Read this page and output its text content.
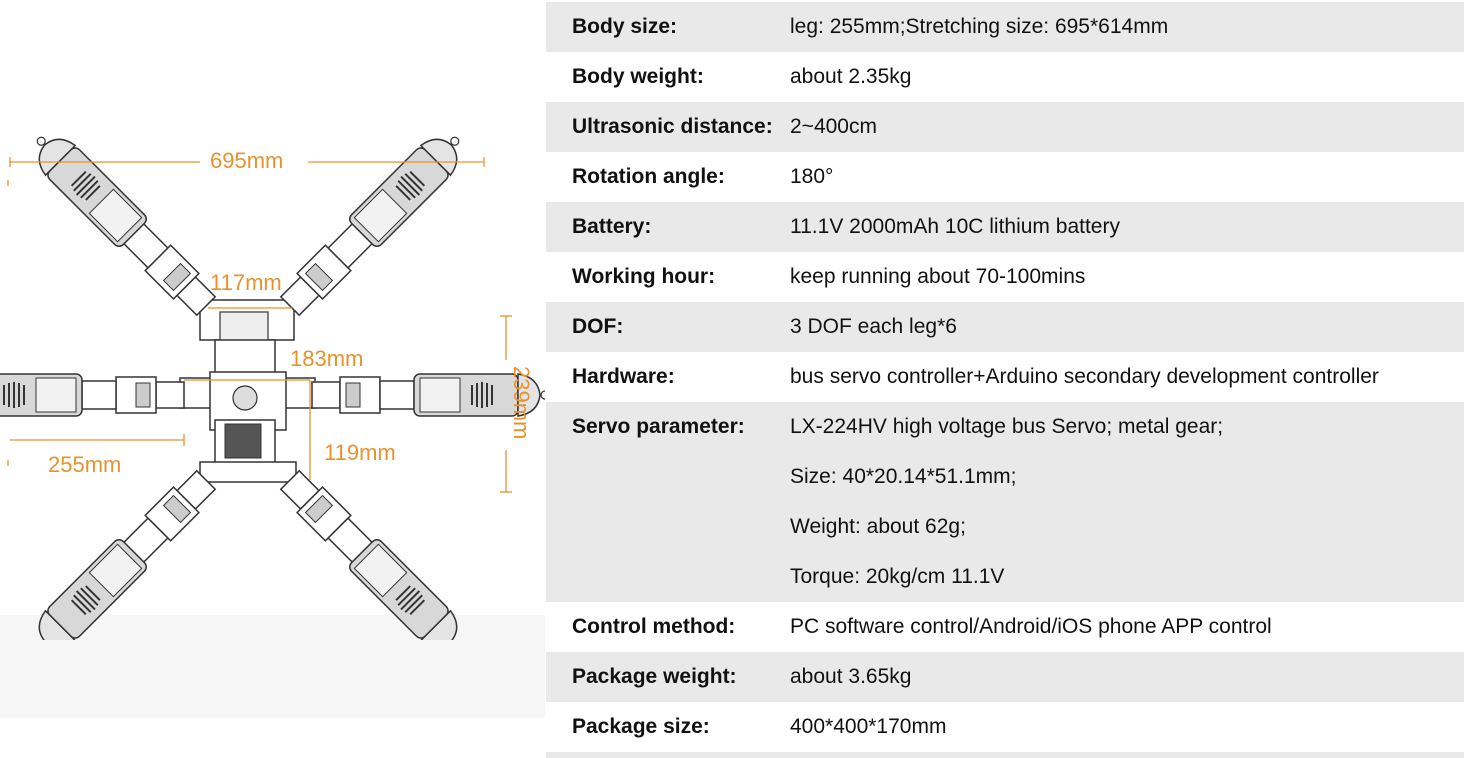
695mm
117mm
183mm
255mm	119mm
239mm
Body size:	leg: 255mm;Stretching size: 695*614mm
Body weight:	about 2.35kg
Ultrasonic distance: 2~400cm
Rotation angle:	180°
Battery:	11.1V 2000mAh 10C lithium battery
Working hour:	keep running about 70-100mins
DOF:	3 DOF each leg*6
Hardware:	bus servo controller+Arduino secondary development controller
Servo parameter:	LX-224HV high voltage bus Servo; metal gear;
Size: 40*20.14*51.1mm;
Weight: about 62g;
Torque: 20kg/cm 11.1V
Control method:	PC software control/Android/iOS phone APP control
Package weight:	about 3.65kg
Package size:	400*400*170mm
